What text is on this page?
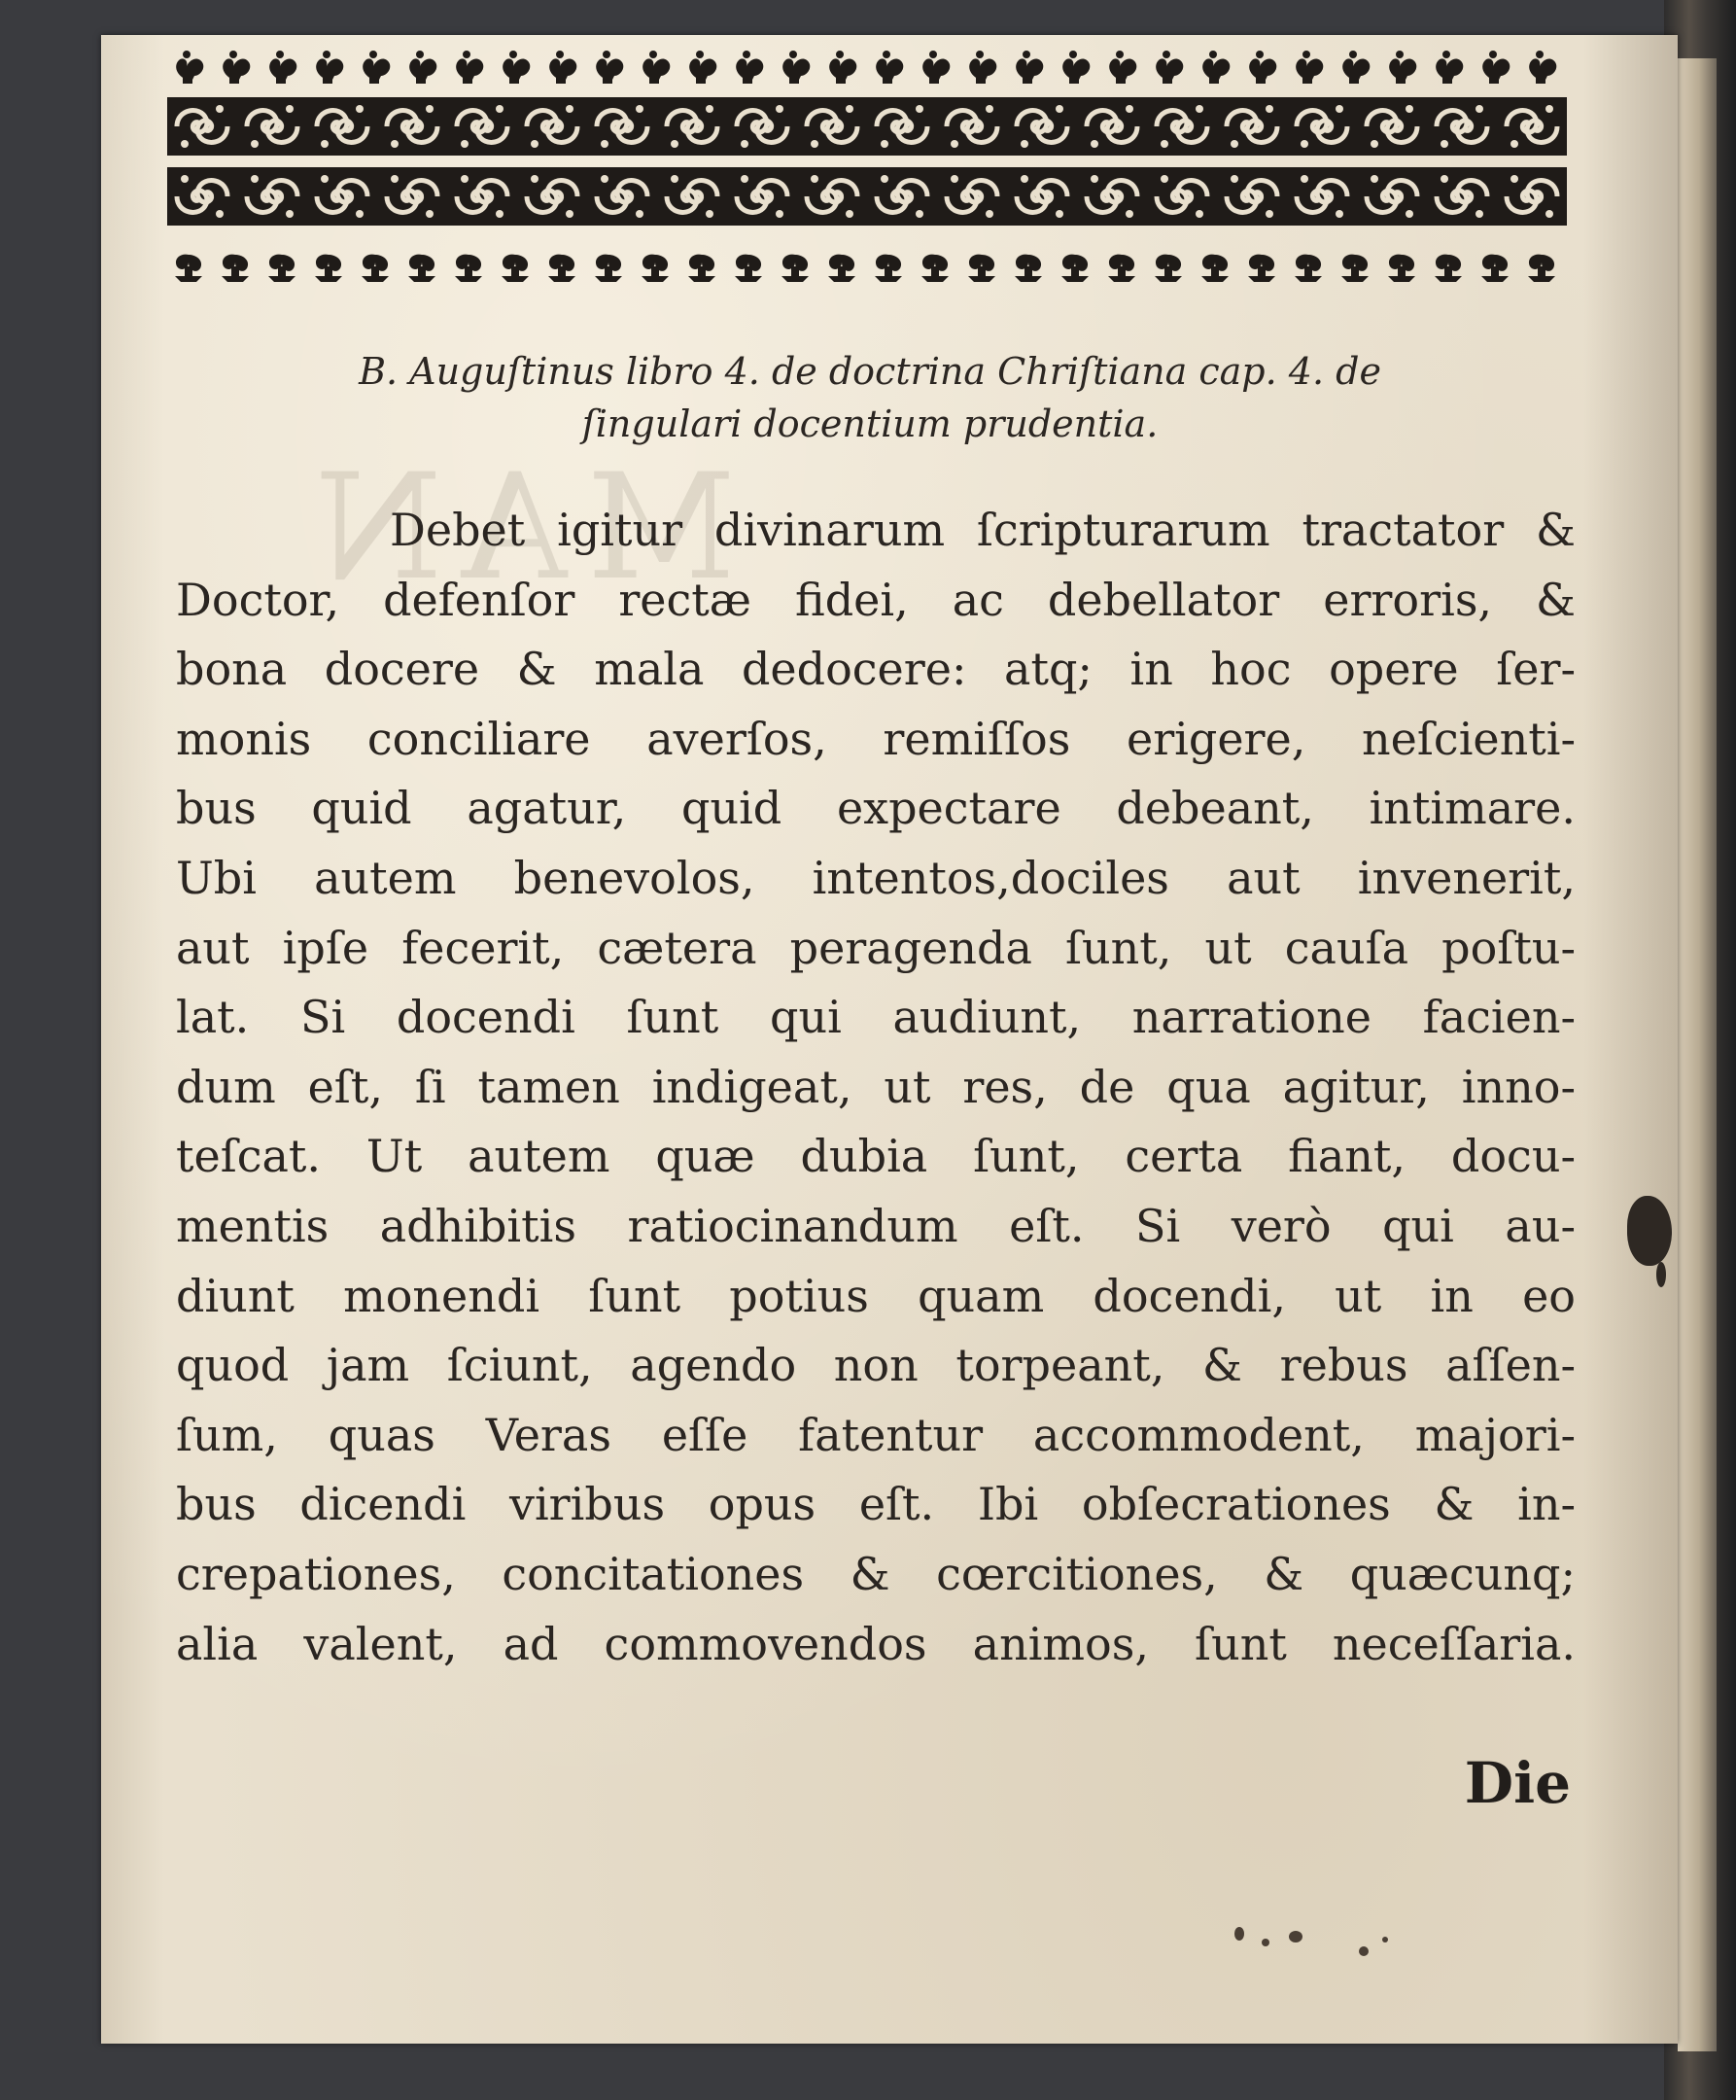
MAN

B. Auguſtinus libro 4. de doctrina Chriſtiana cap. 4. de
ſingulari docentium prudentia.
Debet igitur divinarum ſcripturarum tractator &
Doctor, defenſor rectæ fidei, ac debellator erroris, &
bona docere & mala dedocere: atq; in hoc opere ſer-
monis conciliare averſos, remiſſos erigere, neſcienti-
bus quid agatur, quid expectare debeant, intimare.
Ubi autem benevolos, intentos,dociles aut invenerit,
aut ipſe fecerit, cætera peragenda ſunt, ut cauſa poſtu-
lat. Si docendi ſunt qui audiunt, narratione facien-
dum eſt, ſi tamen indigeat, ut res, de qua agitur, inno-
teſcat. Ut autem quæ dubia ſunt, certa fiant, docu-
mentis adhibitis ratiocinandum eſt. Si verò qui au-
diunt monendi ſunt potius quam docendi, ut in eo
quod jam ſciunt, agendo non torpeant, & rebus aſſen-
ſum, quas Veras eſſe fatentur accommodent, majori-
bus dicendi viribus opus eſt. Ibi obſecrationes & in-
crepationes, concitationes & cœrcitiones, & quæcunq;
alia valent, ad commovendos animos, ſunt neceſſaria.
Die
